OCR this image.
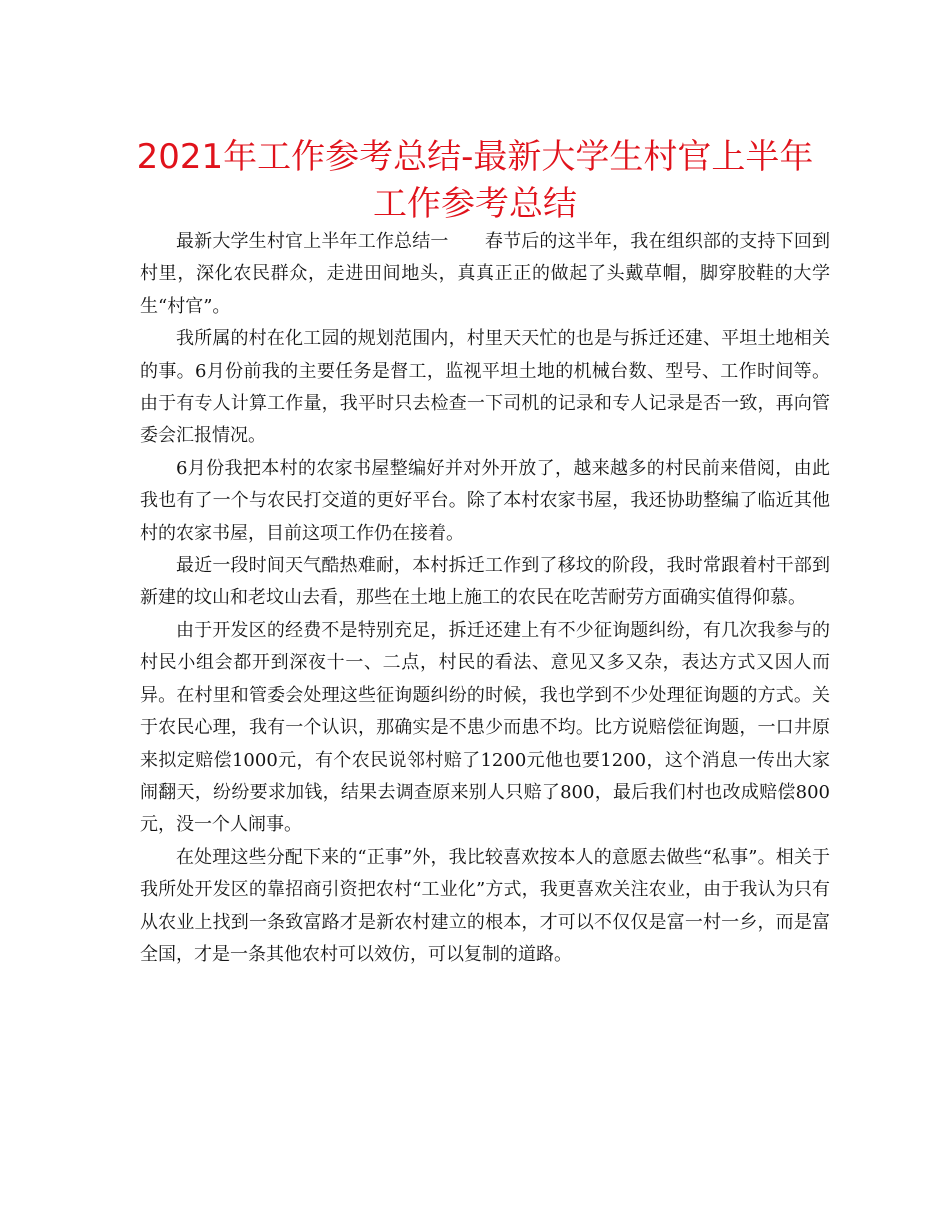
2021年工作参考总结-最新大学生村官上半年工作参考总结

最新大学生村官上半年工作总结一　　春节后的这半年，我在组织部的支持下回到村里，深化农民群众，走进田间地头，真真正正的做起了头戴草帽，脚穿胶鞋的大学生“村官”。

我所属的村在化工园的规划范围内，村里天天忙的也是与拆迁还建、平坦土地相关的事。6月份前我的主要任务是督工，监视平坦土地的机械台数、型号、工作时间等。由于有专人计算工作量，我平时只去检查一下司机的记录和专人记录是否一致，再向管委会汇报情况。

6月份我把本村的农家书屋整编好并对外开放了，越来越多的村民前来借阅，由此我也有了一个与农民打交道的更好平台。除了本村农家书屋，我还协助整编了临近其他村的农家书屋，目前这项工作仍在接着。

最近一段时间天气酷热难耐，本村拆迁工作到了移坟的阶段，我时常跟着村干部到新建的坟山和老坟山去看，那些在土地上施工的农民在吃苦耐劳方面确实值得仰慕。

由于开发区的经费不是特别充足，拆迁还建上有不少征询题纠纷，有几次我参与的村民小组会都开到深夜十一、二点，村民的看法、意见又多又杂，表达方式又因人而异。在村里和管委会处理这些征询题纠纷的时候，我也学到不少处理征询题的方式。关于农民心理，我有一个认识，那确实是不患少而患不均。比方说赔偿征询题，一口井原来拟定赔偿1000元，有个农民说邻村赔了1200元他也要1200，这个消息一传出大家闹翻天，纷纷要求加钱，结果去调查原来别人只赔了800，最后我们村也改成赔偿800元，没一个人闹事。

在处理这些分配下来的“正事”外，我比较喜欢按本人的意愿去做些“私事”。相关于我所处开发区的靠招商引资把农村“工业化”方式，我更喜欢关注农业，由于我认为只有从农业上找到一条致富路才是新农村建立的根本，才可以不仅仅是富一村一乡，而是富全国，才是一条其他农村可以效仿，可以复制的道路。
